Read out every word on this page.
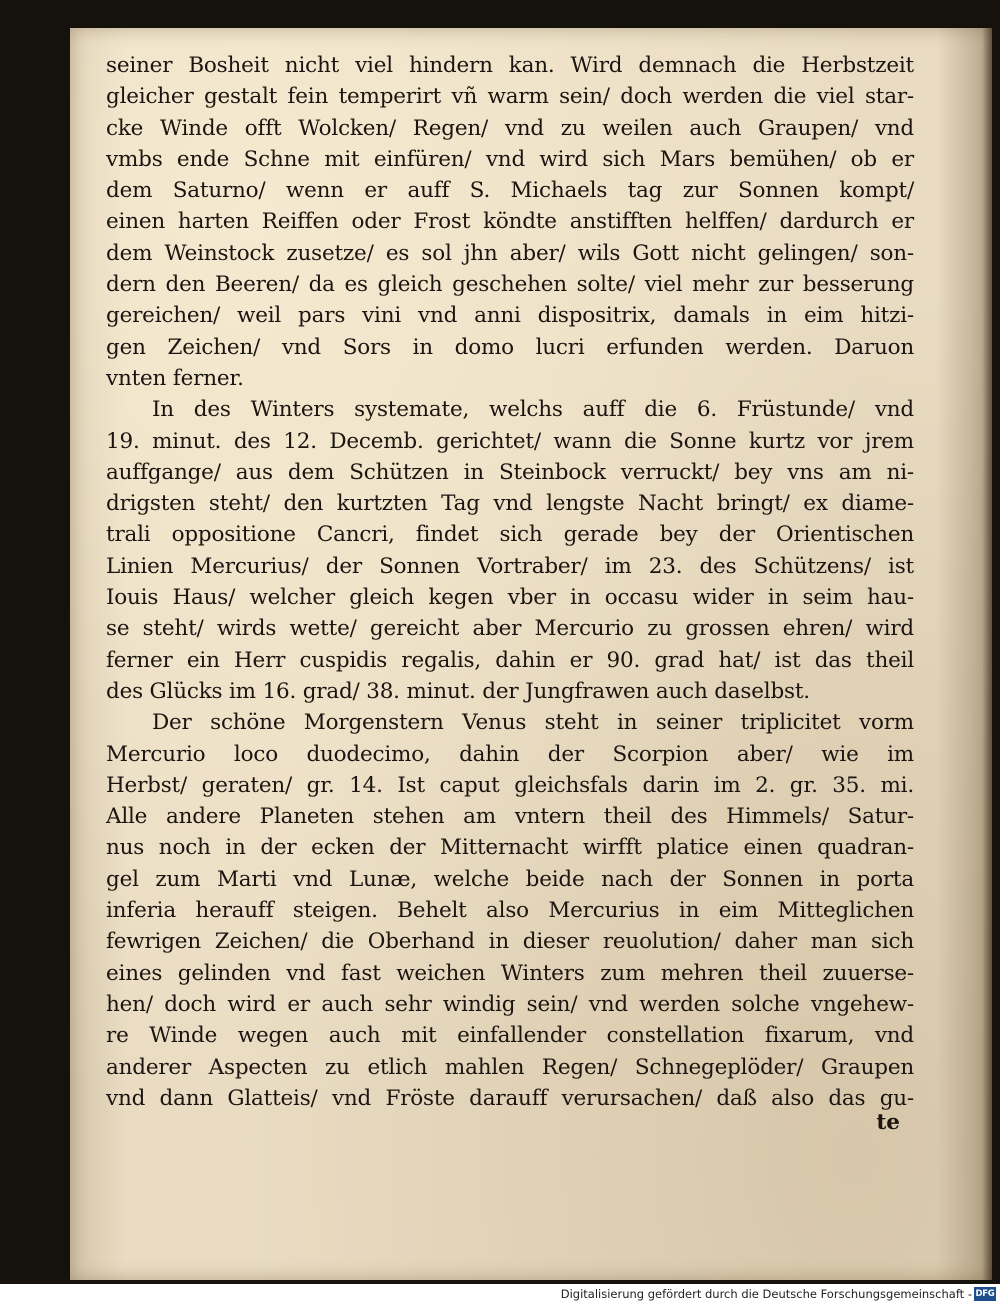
seiner Bosheit nicht viel hindern kan. Wird demnach die Herbstzeit
gleicher gestalt fein temperirt vñ warm sein/ doch werden die viel star-
cke Winde offt Wolcken/ Regen/ vnd zu weilen auch Graupen/ vnd
vmbs ende Schne mit einfüren/ vnd wird sich Mars bemühen/ ob er
dem Saturno/ wenn er auff S. Michaels tag zur Sonnen kompt/
einen harten Reiffen oder Frost köndte anstifften helffen/ dardurch er
dem Weinstock zusetze/ es sol jhn aber/ wils Gott nicht gelingen/ son-
dern den Beeren/ da es gleich geschehen solte/ viel mehr zur besserung
gereichen/ weil pars vini vnd anni dispositrix, damals in eim hitzi-
gen Zeichen/ vnd Sors in domo lucri erfunden werden. Daruon
vnten ferner.
In des Winters systemate, welchs auff die 6. Früstunde/ vnd
19. minut. des 12. Decemb. gerichtet/ wann die Sonne kurtz vor jrem
auffgange/ aus dem Schützen in Steinbock verruckt/ bey vns am ni-
drigsten steht/ den kurtzten Tag vnd lengste Nacht bringt/ ex diame-
trali oppositione Cancri, findet sich gerade bey der Orientischen
Linien Mercurius/ der Sonnen Vortraber/ im 23. des Schützens/ ist
Iouis Haus/ welcher gleich kegen vber in occasu wider in seim hau-
se steht/ wirds wette/ gereicht aber Mercurio zu grossen ehren/ wird
ferner ein Herr cuspidis regalis, dahin er 90. grad hat/ ist das theil
des Glücks im 16. grad/ 38. minut. der Jungfrawen auch daselbst.
Der schöne Morgenstern Venus steht in seiner triplicitet vorm
Mercurio loco duodecimo, dahin der Scorpion aber/ wie im
Herbst/ geraten/ gr. 14. Ist caput gleichsfals darin im 2. gr. 35. mi.
Alle andere Planeten stehen am vntern theil des Himmels/ Satur-
nus noch in der ecken der Mitternacht wirfft platice einen quadran-
gel zum Marti vnd Lunæ, welche beide nach der Sonnen in porta
inferia herauff steigen. Behelt also Mercurius in eim Mitteglichen
fewrigen Zeichen/ die Oberhand in dieser reuolution/ daher man sich
eines gelinden vnd fast weichen Winters zum mehren theil zuuerse-
hen/ doch wird er auch sehr windig sein/ vnd werden solche vngehew-
re Winde wegen auch mit einfallender constellation fixarum, vnd
anderer Aspecten zu etlich mahlen Regen/ Schnegeplöder/ Graupen
vnd dann Glatteis/ vnd Fröste darauff verursachen/ daß also das gu-
te
Digitalisierung gefördert durch die Deutsche Forschungsgemeinschaft - DFG
